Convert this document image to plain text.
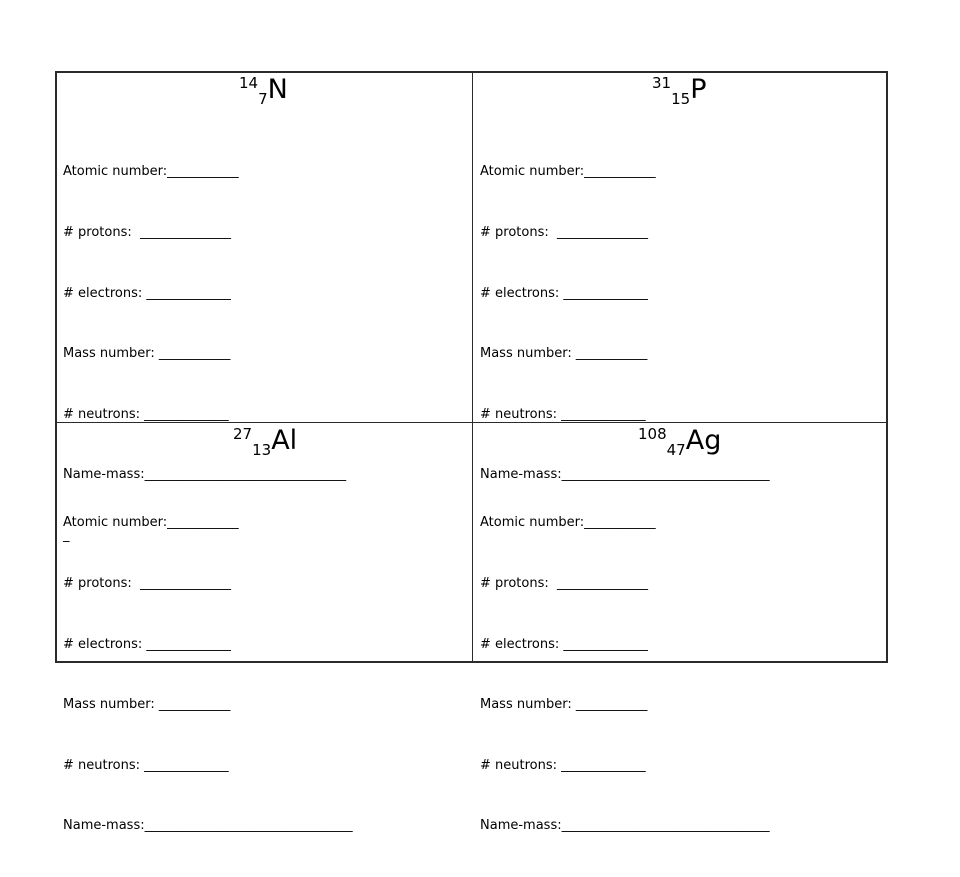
$^{14}_7$N

Atomic number:___________

# protons:  ______________

# electrons: _____________

Mass number: ___________

# neutrons: _____________

Name-mass:_______________________________

_

$^{31}_{15}$P

Atomic number:___________

# protons:  ______________

# electrons: _____________

Mass number: ___________

# neutrons: _____________

Name-mass:________________________________

$^{27}_{13}$Al

Atomic number:___________

# protons:  ______________

# electrons: _____________

Mass number: ___________

# neutrons: _____________

Name-mass:________________________________

$^{108}_{47}$Ag

Atomic number:___________

# protons:  ______________

# electrons: _____________

Mass number: ___________

# neutrons: _____________

Name-mass:________________________________
